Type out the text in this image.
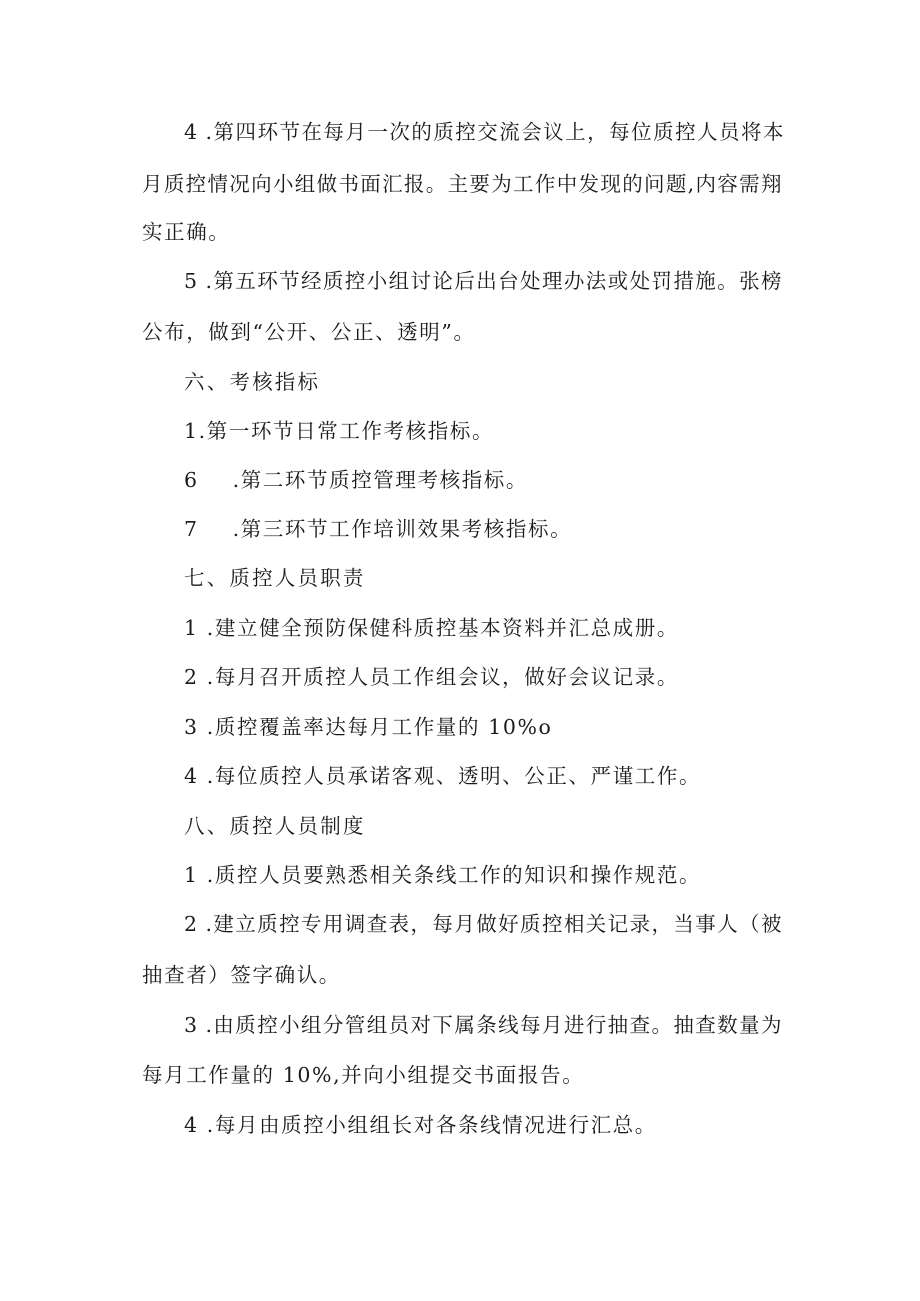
4 .第四环节在每月一次的质控交流会议上，每位质控人员将本
月质控情况向小组做书面汇报。主要为工作中发现的问题,内容需翔
实正确。
5 .第五环节经质控小组讨论后出台处理办法或处罚措施。张榜
公布，做到“公开、公正、透明”。
六、考核指标
1.第一环节日常工作考核指标。
6  .第二环节质控管理考核指标。
7  .第三环节工作培训效果考核指标。
七、质控人员职责
1 .建立健全预防保健科质控基本资料并汇总成册。
2 .每月召开质控人员工作组会议，做好会议记录。
3 .质控覆盖率达每月工作量的 10%o
4 .每位质控人员承诺客观、透明、公正、严谨工作。
八、质控人员制度
1 .质控人员要熟悉相关条线工作的知识和操作规范。
2 .建立质控专用调查表，每月做好质控相关记录，当事人（被
抽查者）签字确认。
3 .由质控小组分管组员对下属条线每月进行抽查。抽查数量为
每月工作量的 10%,并向小组提交书面报告。
4 .每月由质控小组组长对各条线情况进行汇总。
